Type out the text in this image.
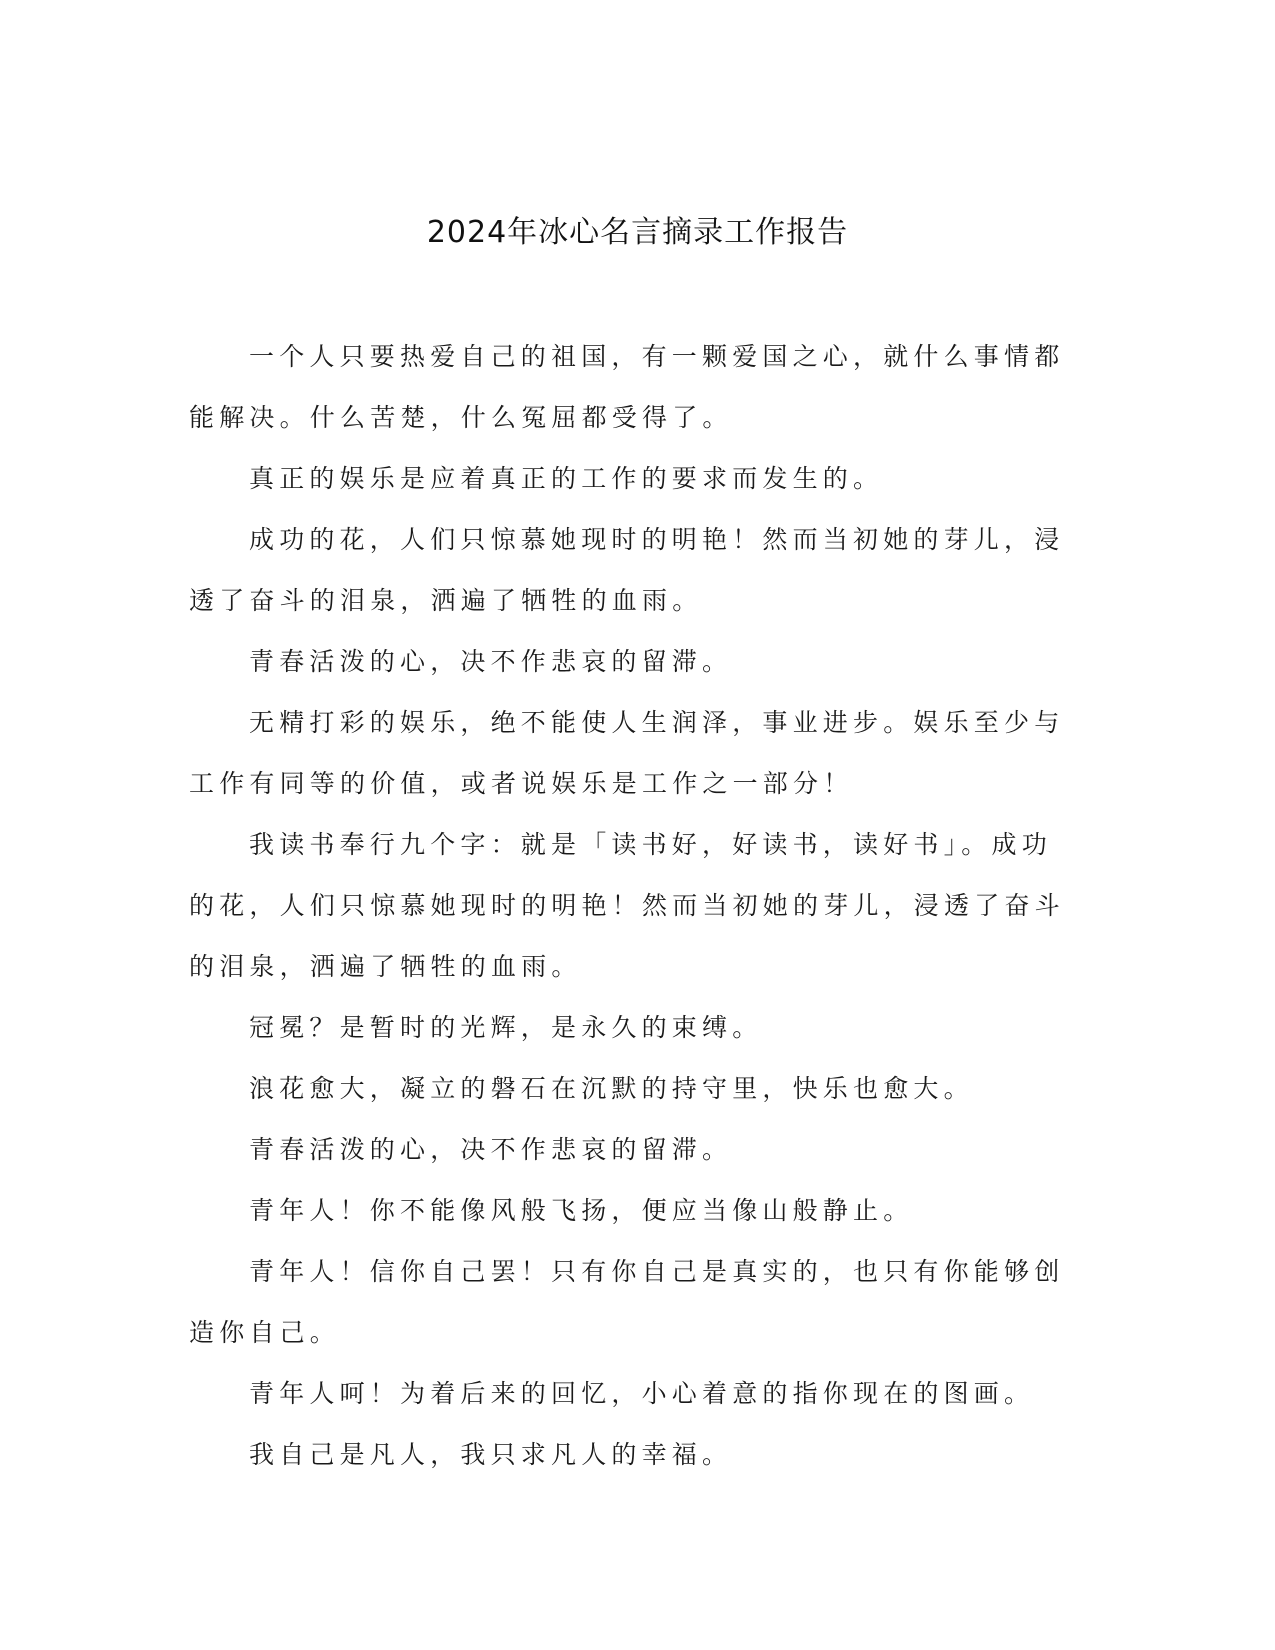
2024年冰心名言摘录工作报告

一个人只要热爱自己的祖国，有一颗爱国之心，就什么事情都能解决。什么苦楚，什么冤屈都受得了。

真正的娱乐是应着真正的工作的要求而发生的。

成功的花，人们只惊慕她现时的明艳！然而当初她的芽儿，浸透了奋斗的泪泉，洒遍了牺牲的血雨。

青春活泼的心，决不作悲哀的留滞。

无精打彩的娱乐，绝不能使人生润泽，事业进步。娱乐至少与工作有同等的价值，或者说娱乐是工作之一部分！

我读书奉行九个字：就是「读书好，好读书，读好书」。成功的花，人们只惊慕她现时的明艳！然而当初她的芽儿，浸透了奋斗的泪泉，洒遍了牺牲的血雨。

冠冕？是暂时的光辉，是永久的束缚。

浪花愈大，凝立的磐石在沉默的持守里，快乐也愈大。

青春活泼的心，决不作悲哀的留滞。

青年人！你不能像风般飞扬，便应当像山般静止。

青年人！信你自己罢！只有你自己是真实的，也只有你能够创造你自己。

青年人呵！为着后来的回忆，小心着意的指你现在的图画。

我自己是凡人，我只求凡人的幸福。
